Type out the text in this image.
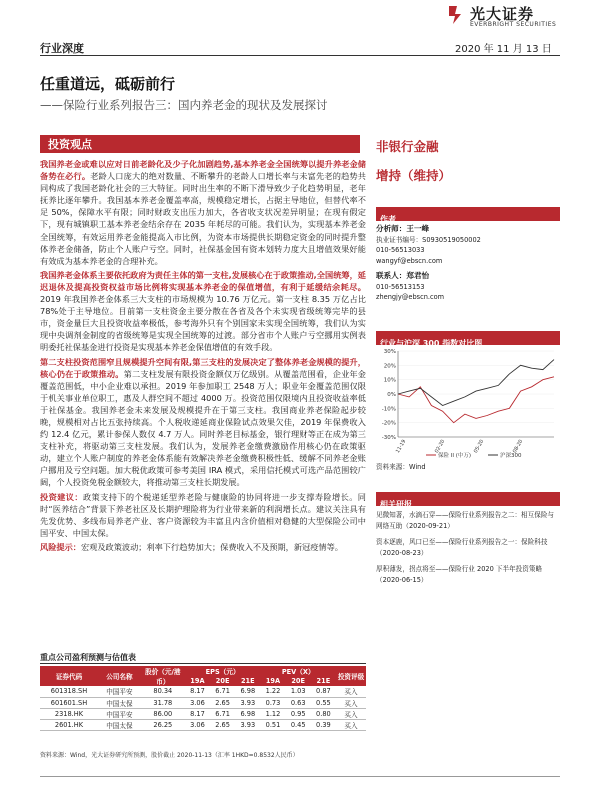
光大证券
EVERBRIGHT SECURITIES
行业深度	2020 年 11 月 13 日
任重道远，砥砺前行
——保险行业系列报告三：国内养老金的现状及发展探讨
投资观点

我国养老金或难以应对日前老龄化及少子化加剧趋势,基本养老金全国统筹以提升养老金储备势在必行。老龄人口庞大的绝对数量、不断攀升的老龄人口增长率与未富先老的趋势共同构成了我国老龄化社会的三大特征。同时出生率的不断下滑导致少子化趋势明显，老年抚养比逐年攀升。我国基本养老金覆盖率高，规模稳定增长，占据主导地位，但替代率不足 50%，保障水平有限；同时财政支出压力加大，各省收支状况差异明显；在现有假定下，现有城镇职工基本养老金结余存在 2035 年耗尽的可能。我们认为，实现基本养老金全国统筹，有效运用养老金能提高入市比例，为资本市场提供长期稳定资金的同时提升整体养老金储备，防止个人账户亏空。同时，社保基金国有资本划转力度大且增值效果好能有效成为基本养老金的合理补充。

我国养老金体系主要依托政府为责任主体的第一支柱,发展核心在于政策推动,全国统筹，延迟退休及提高投资权益市场比例将实现基本养老金的保值增值，有利于延缓结余耗尽。2019 年我国养老金体系三大支柱的市场规模为 10.76 万亿元。第一支柱 8.35 万亿占比 78%处于主导地位。目前第一支柱资金主要分散在各省及各个未实现省级统筹完毕的县市，资金量巨大且投资收益率极低，参考海外只有个别国家未实现全国统筹，我们认为实现中央调剂金制度的省级统筹是实现全国统筹的过渡。部分省市个人账户亏空挪用实例表明委托社保基金进行投资是实现基本养老金保值增值的有效手段。

第二支柱投资范围窄且规模提升空间有限,第三支柱的发展决定了整体养老金规模的提升，核心仍在于政策推动。第二支柱发展有限投资金额仅万亿级别。从覆盖范围看，企业年金覆盖范围低，中小企业难以承担。2019 年参加职工 2548 万人；职业年金覆盖范围仅限于机关事业单位职工，惠及人群空间不超过 4000 万。投资范围仅限境内且投资收益率低于社保基金。我国养老金未来发展及规模提升在于第三支柱。我国商业养老保险起步较晚，规模相对占比五张持续高。个人税收递延商业保险试点效果欠佳，2019 年保费收入约 12.4 亿元，累计参保人数仅 4.7 万人。同时养老目标基金，银行理财等正在成为第三支柱补充，将驱动第三支柱发展。我们认为，发展养老金缴费激励作用核心仍在政策驱动，建立个人账户制度的养老金体系能有效解决养老金缴费积极性低、缓解不同养老金账户挪用及亏空问题。加大税优政策可参考美国 IRA 模式，采用信托模式可选产品范围较广阔，个人投资免税金额较大，将推动第三支柱长期发展。

投资建议：政策支持下的个税递延型养老险与健康险的协同将进一步支撑寿险增长。同时“医养结合”背景下养老社区及长期护理险将为行业带来新的利润增长点。建议关注具有先发优势、多线布局养老产业、客户资源较为丰富且内含价值相对稳健的大型保险公司中国平安、中国太保。

风险提示：宏观及政策波动；利率下行趋势加大；保费收入不及预期，新冠疫情等。

非银行金融
增持（维持）
作者
分析师：王一峰
执业证书编号：S0930519050002
010-56513033
wangyf@ebscn.com
联系人：郑君怡
010-56513153
zhengjy@ebscn.com
行业与沪深 300 指数对比图
-30%
-20%
-10%
0%
10%
20%
30%
11-19	02-20	05-20	08-20
保险 II (中万)	沪深300
资料来源：Wind
相关研报
见微知著，水滴石穿——保险行业系列报告之二：相互保险与网络互助（2020-09-21）
资本逐鹿，风口已至——保险行业系列报告之一：保险科技（2020-08-23）
厚积薄发，拐点将至——保险行业 2020 下半年投资策略（2020-06-15）
重点公司盈利预测与估值表
证券代码	公司名称	股价（元/港币）	EPS（元）			PEV（X）			投资评级
			19A	20E	21E	19A	20E	21E	
601318.SH	中国平安	80.34	8.17	6.71	6.98	1.22	1.03	0.87	买入
601601.SH	中国太保	31.78	3.06	2.65	3.93	0.73	0.63	0.55	买入
2318.HK	中国平安	86.00	8.17	6.71	6.98	1.12	0.95	0.80	买入
2601.HK	中国太保	26.25	3.06	2.65	3.93	0.51	0.45	0.39	买入
资料来源：Wind，光大证券研究所预测，股价截止 2020-11-13（汇率 1HKD=0.8532人民币）
